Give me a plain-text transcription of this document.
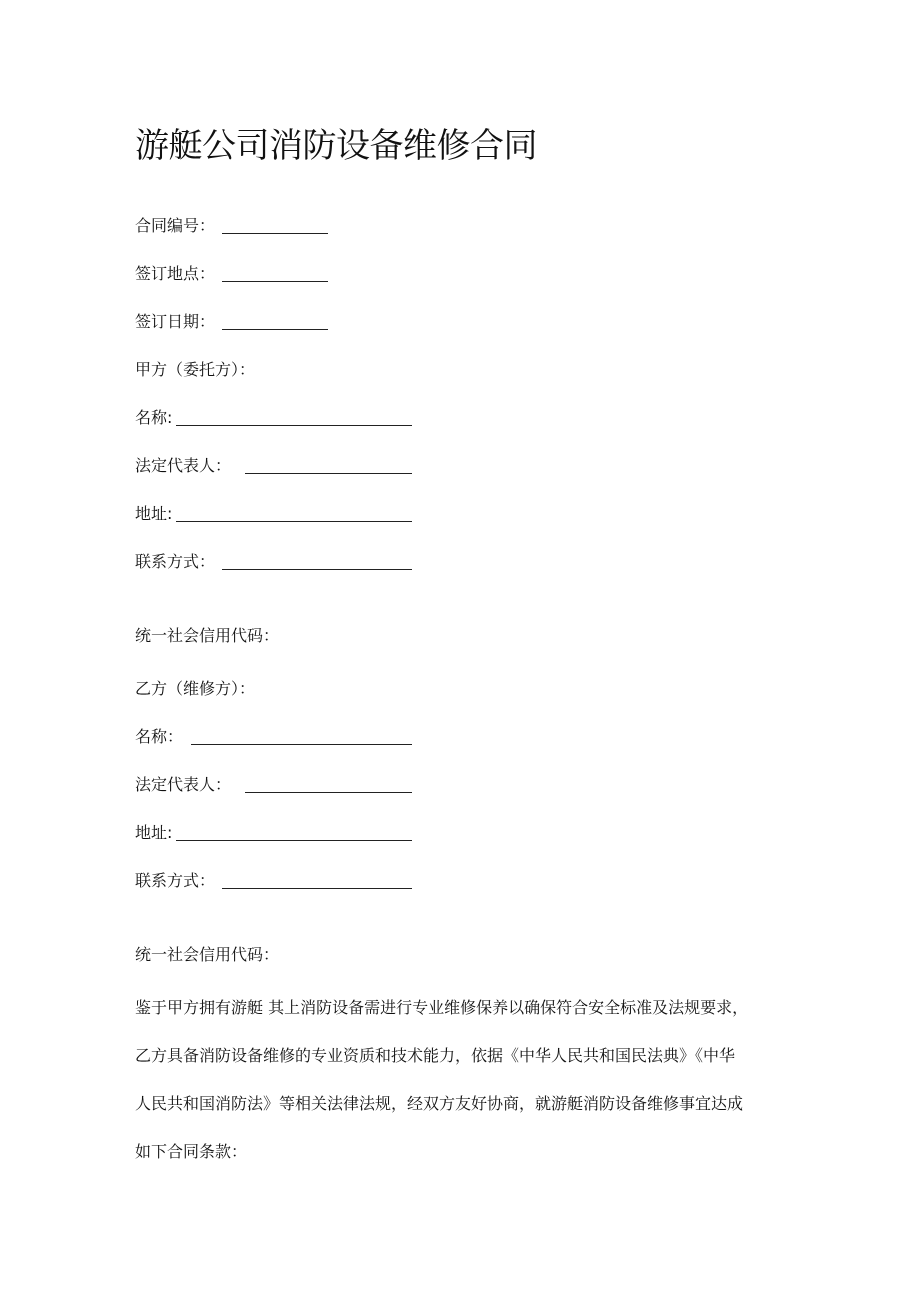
游艇公司消防设备维修合同
合同编号：
签订地点：
签订日期：
甲方（委托方）：
名称:
法定代表人：
地址:
联系方式：
统一社会信用代码：
乙方（维修方）：
名称：
法定代表人：
地址:
联系方式：
统一社会信用代码：
鉴于甲方拥有游艇 其上消防设备需进行专业维修保养以确保符合安全标准及法规要求，
乙方具备消防设备维修的专业资质和技术能力，依据《中华人民共和国民法典》《中华
人民共和国消防法》等相关法律法规，经双方友好协商，就游艇消防设备维修事宜达成
如下合同条款：
